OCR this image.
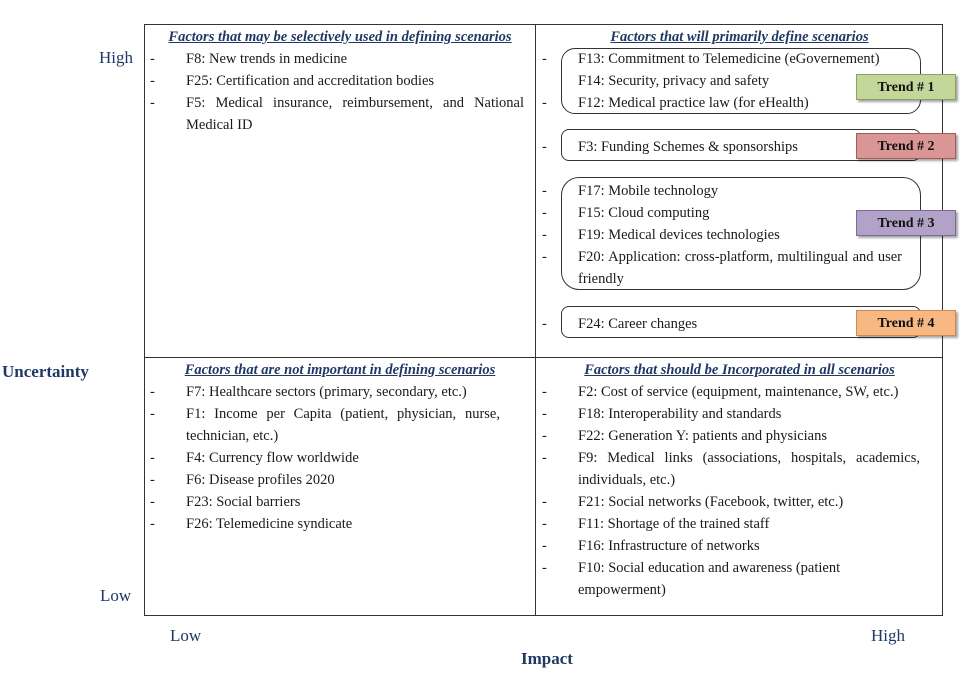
High
Uncertainty
Low
Low	High
Impact
Factors that may be selectively used in defining scenarios
- F8: New trends in medicine
- F25: Certification and accreditation bodies
- F5: Medical insurance, reimbursement, and National Medical ID
Factors that will primarily define scenarios
- F13: Commitment to Telemedicine (eGovernement)
F14: Security, privacy and safety
- F12: Medical practice law (for eHealth)
- F3: Funding Schemes & sponsorships
- F17: Mobile technology
- F15: Cloud computing
- F19: Medical devices technologies
- F20: Application: cross-platform, multilingual and user friendly
- F24: Career changes
Trend # 1
Trend # 2
Trend # 3
Trend # 4
Factors that are not important in defining scenarios
- F7: Healthcare sectors (primary, secondary, etc.)
- F1: Income per Capita (patient, physician, nurse, technician, etc.)
- F4: Currency flow worldwide
- F6: Disease profiles 2020
- F23: Social barriers
- F26: Telemedicine syndicate
Factors that should be Incorporated in all scenarios
- F2: Cost of service (equipment, maintenance, SW, etc.)
- F18: Interoperability and standards
- F22: Generation Y: patients and physicians
- F9: Medical links (associations, hospitals, academics, individuals, etc.)
- F21: Social networks (Facebook, twitter, etc.)
- F11: Shortage of the trained staff
- F16: Infrastructure of networks
- F10: Social education and awareness (patient empowerment)
